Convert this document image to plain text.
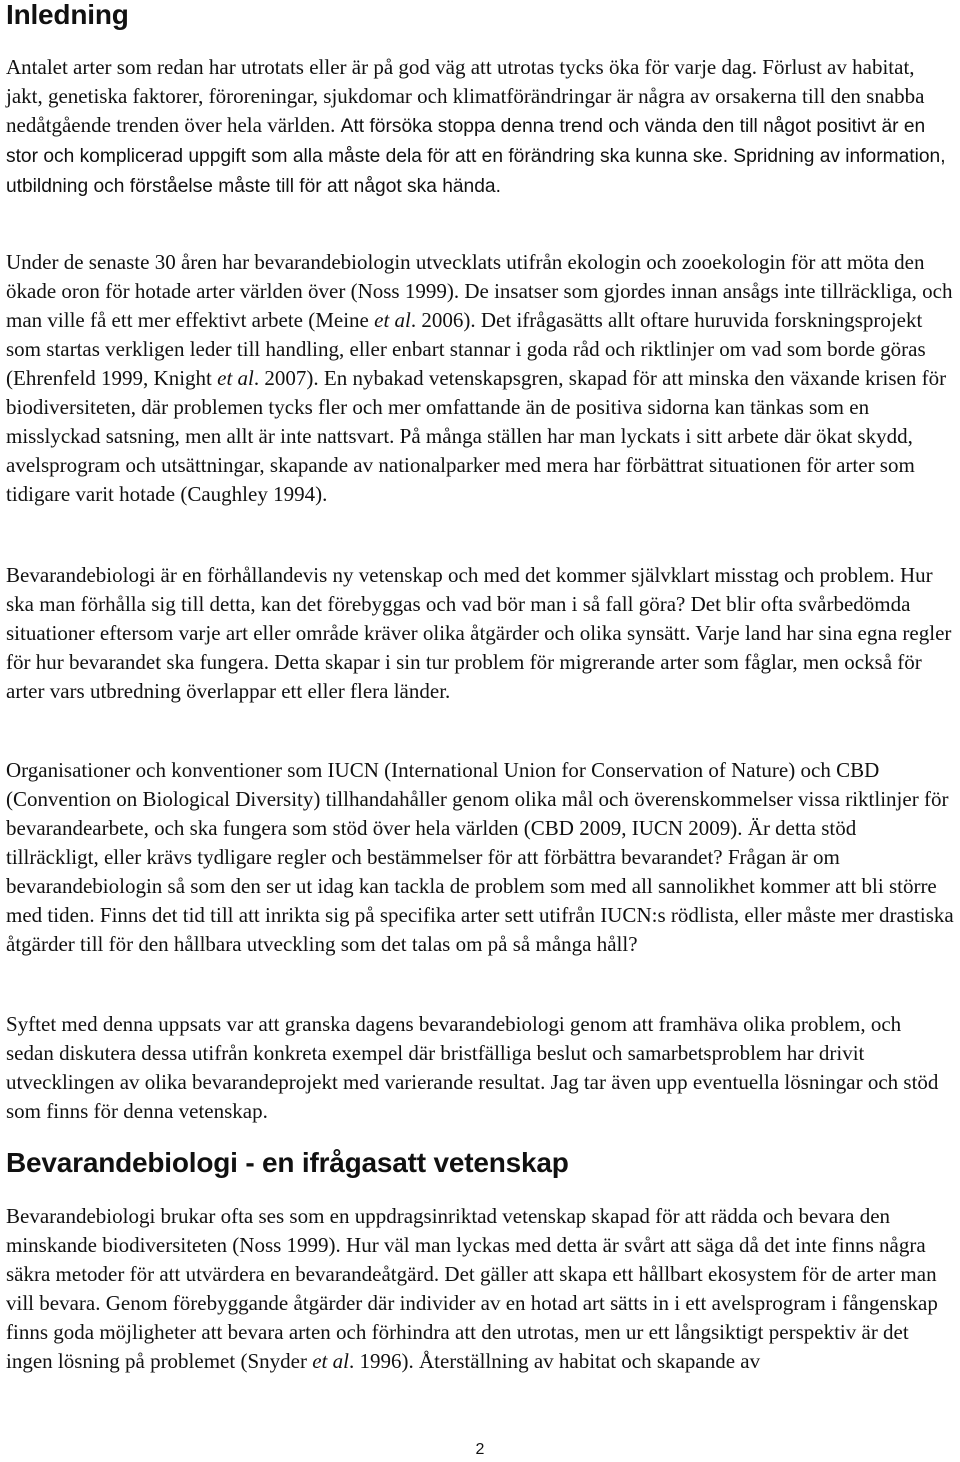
Inledning

Antalet arter som redan har utrotats eller är på god väg att utrotas tycks öka för varje dag. Förlust av habitat, jakt, genetiska faktorer, föroreningar, sjukdomar och klimatförändringar är några av orsakerna till den snabba nedåtgående trenden över hela världen. Att försöka stoppa denna trend och vända den till något positivt är en stor och komplicerad uppgift som alla måste dela för att en förändring ska kunna ske. Spridning av information, utbildning och förståelse måste till för att något ska hända.

Under de senaste 30 åren har bevarandebiologin utvecklats utifrån ekologin och zooekologin för att möta den ökade oron för hotade arter världen över (Noss 1999). De insatser som gjordes innan ansågs inte tillräckliga, och man ville få ett mer effektivt arbete (Meine et al. 2006). Det ifrågasätts allt oftare huruvida forskningsprojekt som startas verkligen leder till handling, eller enbart stannar i goda råd och riktlinjer om vad som borde göras (Ehrenfeld 1999, Knight et al. 2007). En nybakad vetenskapsgren, skapad för att minska den växande krisen för biodiversiteten, där problemen tycks fler och mer omfattande än de positiva sidorna kan tänkas som en misslyckad satsning, men allt är inte nattsvart. På många ställen har man lyckats i sitt arbete där ökat skydd, avelsprogram och utsättningar, skapande av nationalparker med mera har förbättrat situationen för arter som tidigare varit hotade (Caughley 1994).

Bevarandebiologi är en förhållandevis ny vetenskap och med det kommer självklart misstag och problem. Hur ska man förhålla sig till detta, kan det förebyggas och vad bör man i så fall göra? Det blir ofta svårbedömda situationer eftersom varje art eller område kräver olika åtgärder och olika synsätt. Varje land har sina egna regler för hur bevarandet ska fungera. Detta skapar i sin tur problem för migrerande arter som fåglar, men också för arter vars utbredning överlappar ett eller flera länder.

Organisationer och konventioner som IUCN (International Union for Conservation of Nature) och CBD (Convention on Biological Diversity) tillhandahåller genom olika mål och överenskommelser vissa riktlinjer för bevarandearbete, och ska fungera som stöd över hela världen (CBD 2009, IUCN 2009). Är detta stöd tillräckligt, eller krävs tydligare regler och bestämmelser för att förbättra bevarandet? Frågan är om bevarandebiologin så som den ser ut idag kan tackla de problem som med all sannolikhet kommer att bli större med tiden. Finns det tid till att inrikta sig på specifika arter sett utifrån IUCN:s rödlista, eller måste mer drastiska åtgärder till för den hållbara utveckling som det talas om på så många håll?

Syftet med denna uppsats var att granska dagens bevarandebiologi genom att framhäva olika problem, och sedan diskutera dessa utifrån konkreta exempel där bristfälliga beslut och samarbetsproblem har drivit utvecklingen av olika bevarandeprojekt med varierande resultat. Jag tar även upp eventuella lösningar och stöd som finns för denna vetenskap.

Bevarandebiologi - en ifrågasatt vetenskap

Bevarandebiologi brukar ofta ses som en uppdragsinriktad vetenskap skapad för att rädda och bevara den minskande biodiversiteten (Noss 1999). Hur väl man lyckas med detta är svårt att säga då det inte finns några säkra metoder för att utvärdera en bevarandeåtgärd. Det gäller att skapa ett hållbart ekosystem för de arter man vill bevara. Genom förebyggande åtgärder där individer av en hotad art sätts in i ett avelsprogram i fångenskap finns goda möjligheter att bevara arten och förhindra att den utrotas, men ur ett långsiktigt perspektiv är det ingen lösning på problemet (Snyder et al. 1996). Återställning av habitat och skapande av

2
